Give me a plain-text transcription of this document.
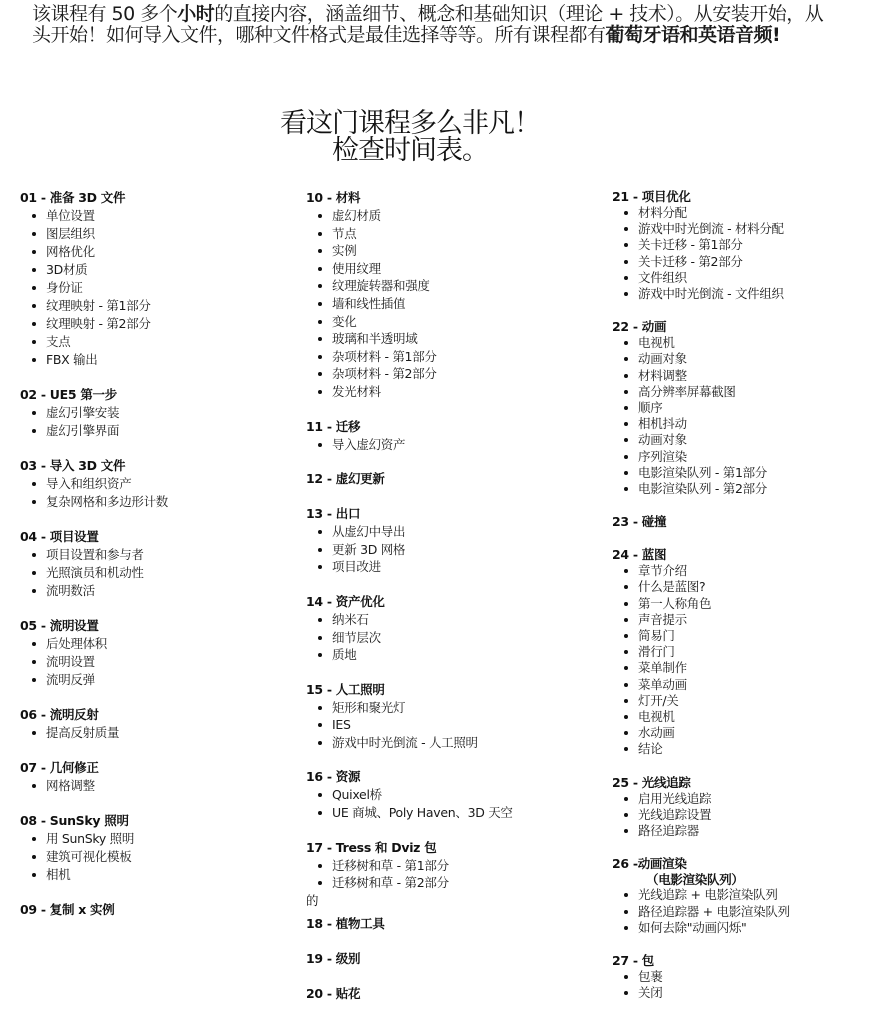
该课程有 50 多个小时的直接内容，涵盖细节、概念和基础知识（理论 + 技术）。从安装开始，从头开始！如何导入文件，哪种文件格式是最佳选择等等。所有课程都有葡萄牙语和英语音频!
看这门课程多么非凡！
检查时间表。
01 - 准备 3D 文件
单位设置
图层组织
网格优化
3D材质
身份证
纹理映射 - 第1部分
纹理映射 - 第2部分
支点
FBX 输出
02 - UE5 第一步
虚幻引擎安装
虚幻引擎界面
03 - 导入 3D 文件
导入和组织资产
复杂网格和多边形计数
04 - 项目设置
项目设置和参与者
光照演员和机动性
流明数活
05 - 流明设置
后处理体积
流明设置
流明反弹
06 - 流明反射
提高反射质量
07 - 几何修正
网格调整
08 - SunSky 照明
用 SunSky 照明
建筑可视化模板
相机
09 - 复制 x 实例
10 - 材料
虚幻材质
节点
实例
使用纹理
纹理旋转器和强度
墙和线性插值
变化
玻璃和半透明域
杂项材料 - 第1部分
杂项材料 - 第2部分
发光材料
11 - 迁移
导入虚幻资产
12 - 虚幻更新
13 - 出口
从虚幻中导出
更新 3D 网格
项目改进
14 - 资产优化
纳米石
细节层次
质地
15 - 人工照明
矩形和聚光灯
IES
游戏中时光倒流 - 人工照明
16 - 资源
Quixel桥
UE 商城、Poly Haven、3D 天空
17 - Tress 和 Dviz 包
迁移树和草 - 第1部分
迁移树和草 - 第2部分
的
18 - 植物工具
19 - 级别
20 - 贴花
21 - 项目优化
材料分配
游戏中时光倒流 - 材料分配
关卡迁移 - 第1部分
关卡迁移 - 第2部分
文件组织
游戏中时光倒流 - 文件组织
22 - 动画
电视机
动画对象
材料调整
高分辨率屏幕截图
顺序
相机抖动
动画对象
序列渲染
电影渲染队列 - 第1部分
电影渲染队列 - 第2部分
23 - 碰撞
24 - 蓝图
章节介绍
什么是蓝图?
第一人称角色
声音提示
简易门
滑行门
菜单制作
菜单动画
灯开/关
电视机
水动画
结论
25 - 光线追踪
启用光线追踪
光线追踪设置
路径追踪器
26 -动画渲染
（电影渲染队列）
光线追踪 + 电影渲染队列
路径追踪器 + 电影渲染队列
如何去除"动画闪烁"
27 - 包
包裹
关闭
